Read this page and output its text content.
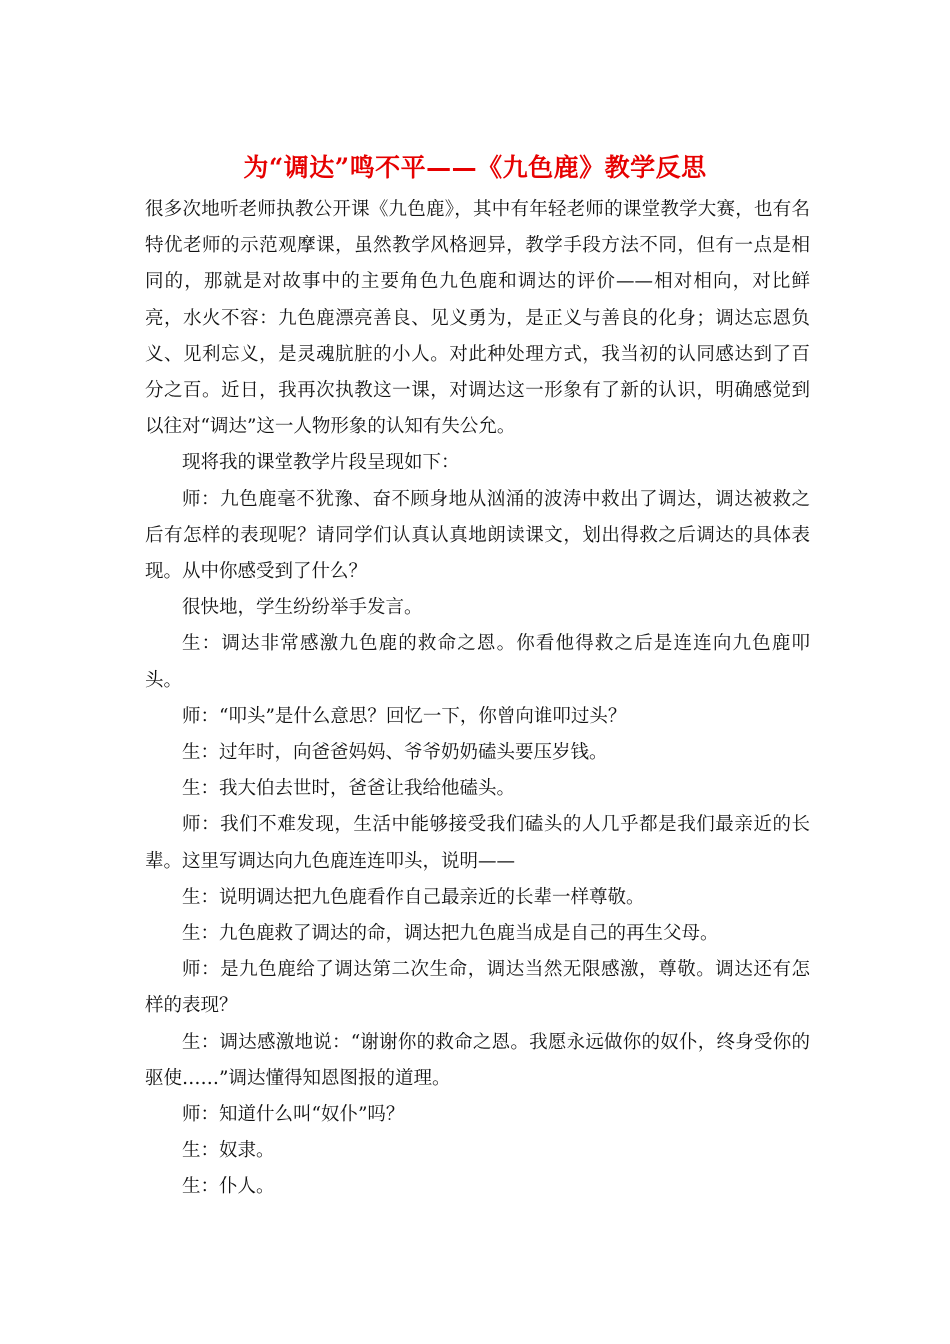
为“调达”鸣不平——《九色鹿》教学反思

很多次地听老师执教公开课《九色鹿》，其中有年轻老师的课堂教学大赛，也有名特优老师的示范观摩课，虽然教学风格迥异，教学手段方法不同，但有一点是相同的，那就是对故事中的主要角色九色鹿和调达的评价——相对相向，对比鲜亮，水火不容：九色鹿漂亮善良、见义勇为，是正义与善良的化身；调达忘恩负义、见利忘义，是灵魂肮脏的小人。对此种处理方式，我当初的认同感达到了百分之百。近日，我再次执教这一课，对调达这一形象有了新的认识，明确感觉到以往对“调达”这一人物形象的认知有失公允。

现将我的课堂教学片段呈现如下：

师：九色鹿毫不犹豫、奋不顾身地从汹涌的波涛中救出了调达，调达被救之后有怎样的表现呢？请同学们认真认真地朗读课文，划出得救之后调达的具体表现。从中你感受到了什么？

很快地，学生纷纷举手发言。

生：调达非常感激九色鹿的救命之恩。你看他得救之后是连连向九色鹿叩头。

师：“叩头”是什么意思？回忆一下，你曾向谁叩过头？

生：过年时，向爸爸妈妈、爷爷奶奶磕头要压岁钱。

生：我大伯去世时，爸爸让我给他磕头。

师：我们不难发现，生活中能够接受我们磕头的人几乎都是我们最亲近的长辈。这里写调达向九色鹿连连叩头，说明——

生：说明调达把九色鹿看作自己最亲近的长辈一样尊敬。

生：九色鹿救了调达的命，调达把九色鹿当成是自己的再生父母。

师：是九色鹿给了调达第二次生命，调达当然无限感激，尊敬。调达还有怎样的表现？

生：调达感激地说：“谢谢你的救命之恩。我愿永远做你的奴仆，终身受你的驱使……”调达懂得知恩图报的道理。

师：知道什么叫“奴仆”吗？

生：奴隶。

生：仆人。
